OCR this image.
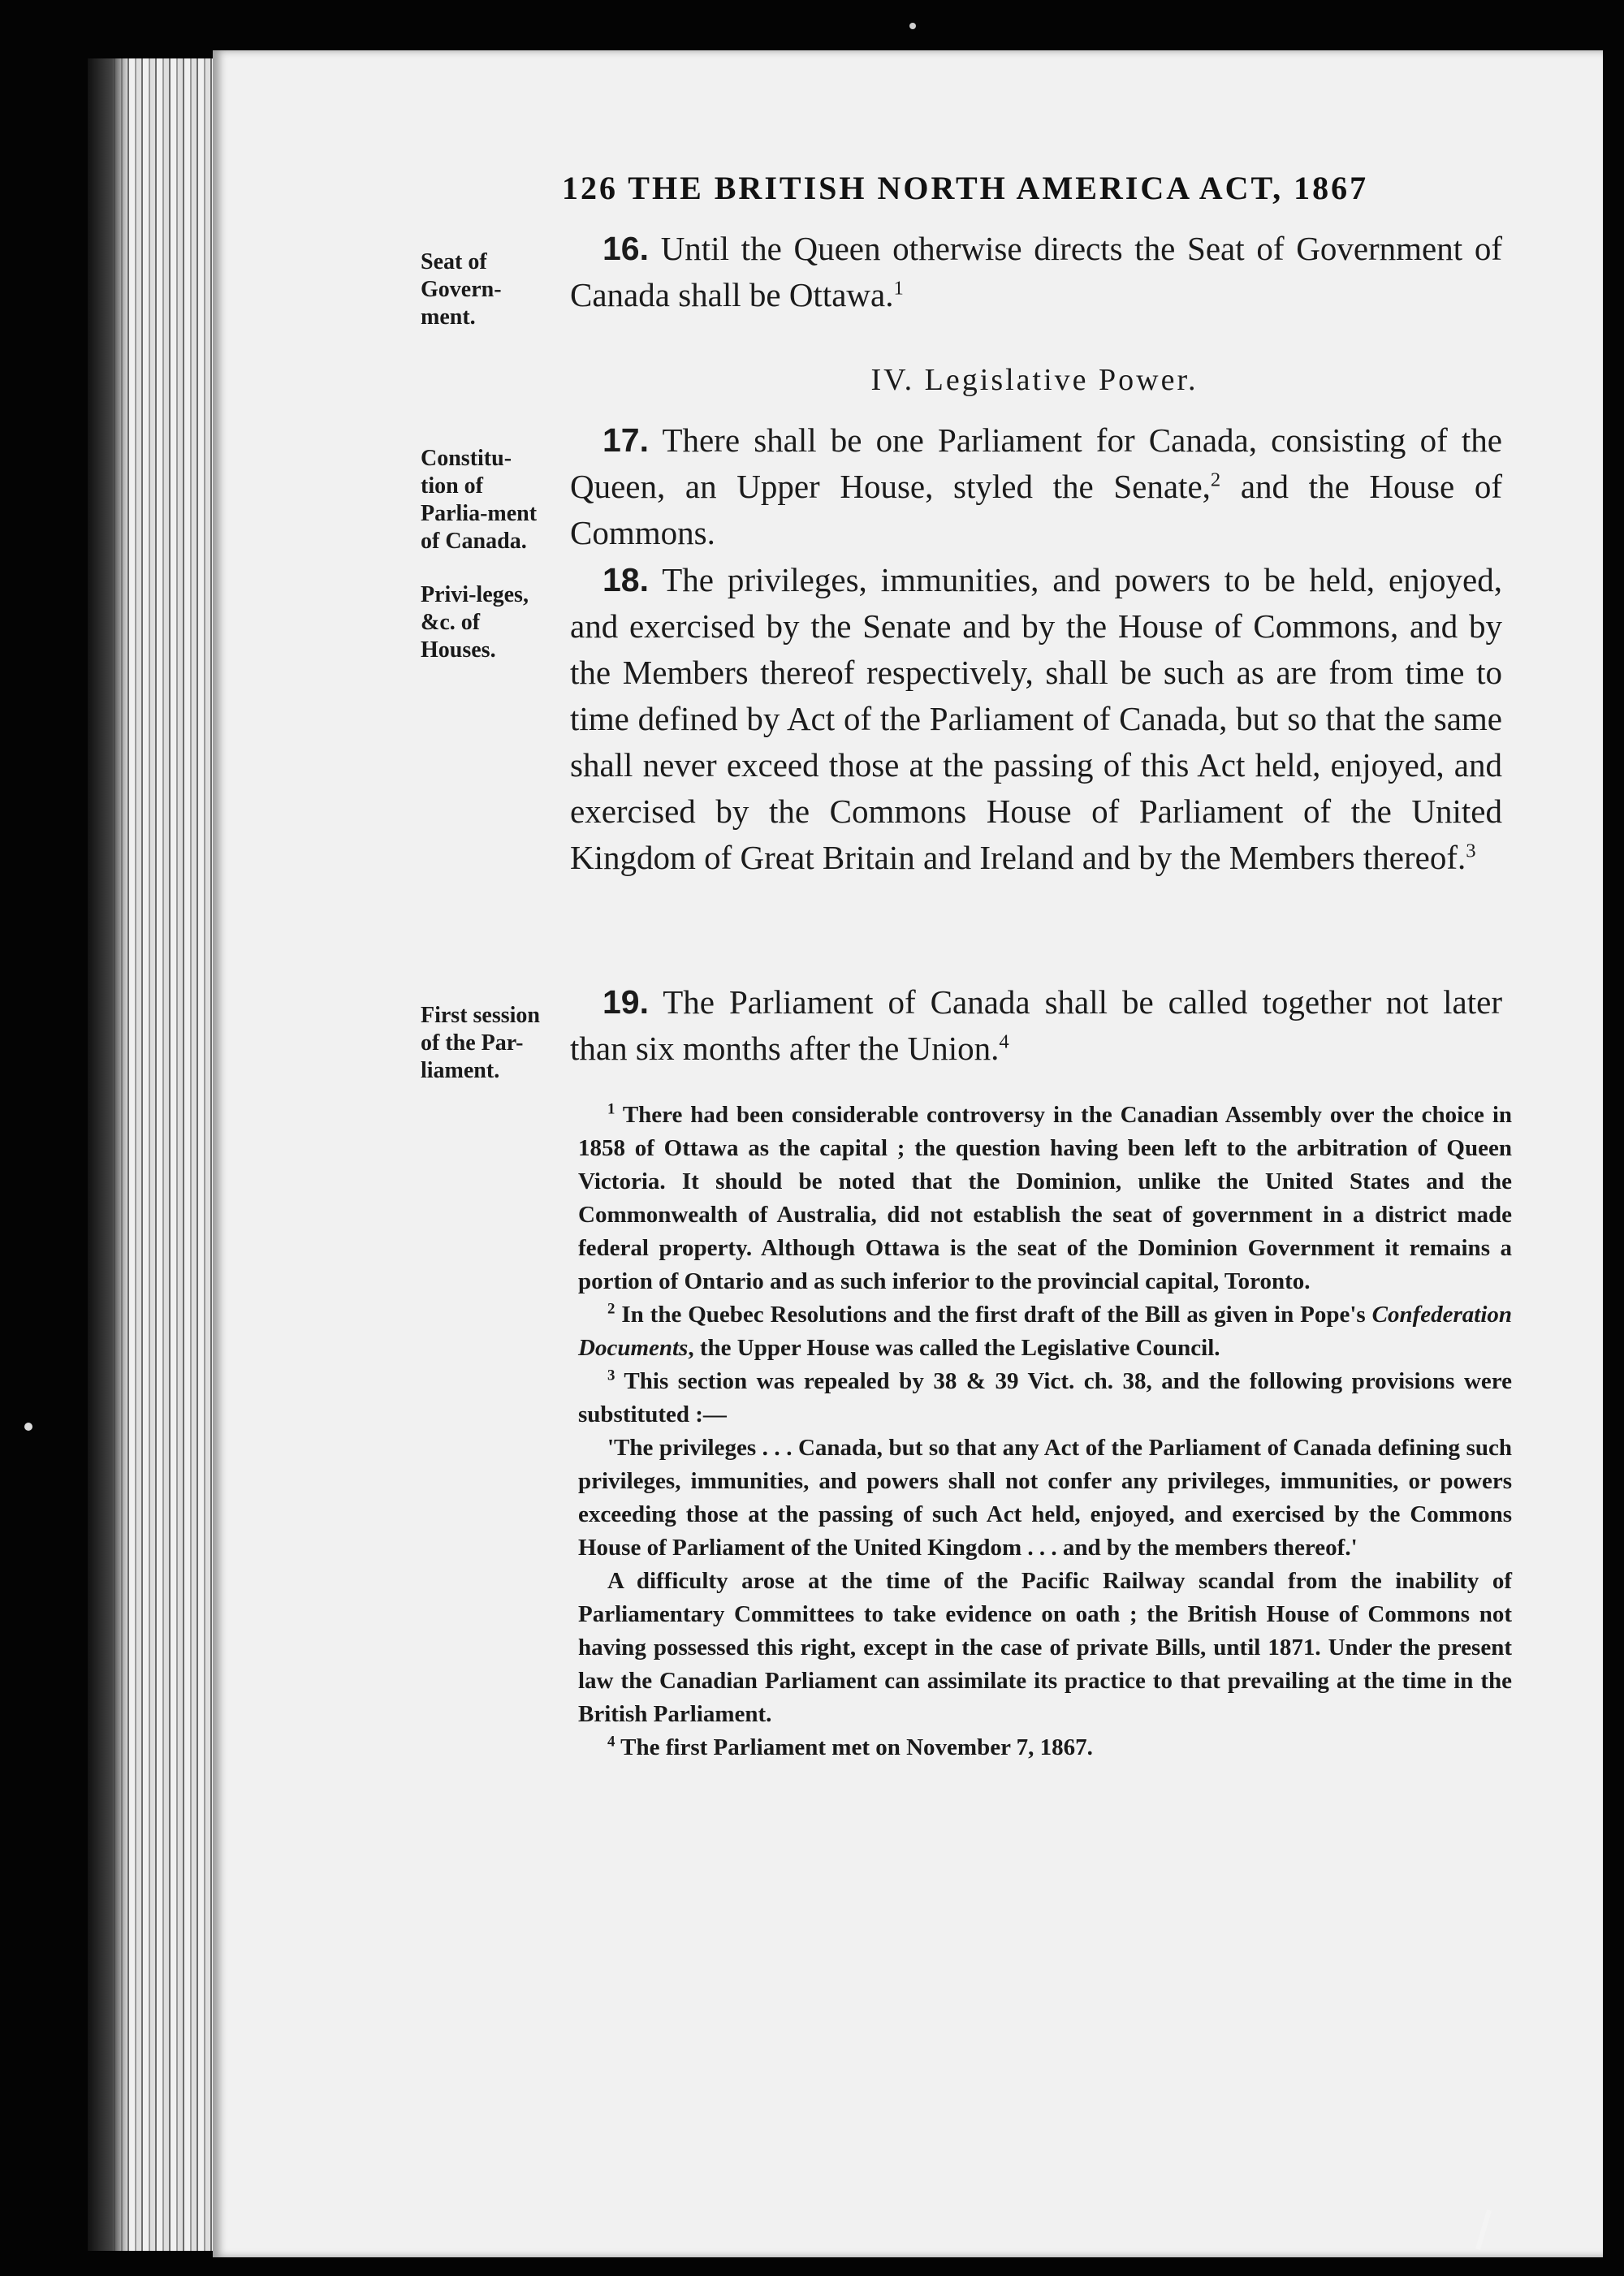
126 THE BRITISH NORTH AMERICA ACT, 1867
Seat of Govern-ment.
Constitu-tion of Parlia-ment of Canada.
Privi-leges, &c. of Houses.
First session of the Par-liament.

16. Until the Queen otherwise directs the Seat of Government of Canada shall be Ottawa.$^1$

IV. Legislative Power.

17. There shall be one Parliament for Canada, consisting of the Queen, an Upper House, styled the Senate,$^2$ and the House of Commons.

18. The privileges, immunities, and powers to be held, enjoyed, and exercised by the Senate and by the House of Commons, and by the Members thereof respectively, shall be such as are from time to time defined by Act of the Parliament of Canada, but so that the same shall never exceed those at the passing of this Act held, enjoyed, and exercised by the Commons House of Parliament of the United Kingdom of Great Britain and Ireland and by the Members thereof.$^3$

19. The Parliament of Canada shall be called together not later than six months after the Union.$^4$

$^1$ There had been considerable controversy in the Canadian Assembly over the choice in 1858 of Ottawa as the capital ; the question having been left to the arbitration of Queen Victoria. It should be noted that the Dominion, unlike the United States and the Commonwealth of Australia, did not establish the seat of government in a district made federal property. Although Ottawa is the seat of the Dominion Government it remains a portion of Ontario and as such inferior to the provincial capital, Toronto.

$^2$ In the Quebec Resolutions and the first draft of the Bill as given in Pope's Confederation Documents, the Upper House was called the Legislative Council.

$^3$ This section was repealed by 38 & 39 Vict. ch. 38, and the following provisions were substituted :—

'The privileges . . . Canada, but so that any Act of the Parliament of Canada defining such privileges, immunities, and powers shall not confer any privileges, immunities, or powers exceeding those at the passing of such Act held, enjoyed, and exercised by the Commons House of Parliament of the United Kingdom . . . and by the members thereof.'

A difficulty arose at the time of the Pacific Railway scandal from the inability of Parliamentary Committees to take evidence on oath ; the British House of Commons not having possessed this right, except in the case of private Bills, until 1871. Under the present law the Canadian Parliament can assimilate its practice to that prevailing at the time in the British Parliament.

$^4$ The first Parliament met on November 7, 1867.
